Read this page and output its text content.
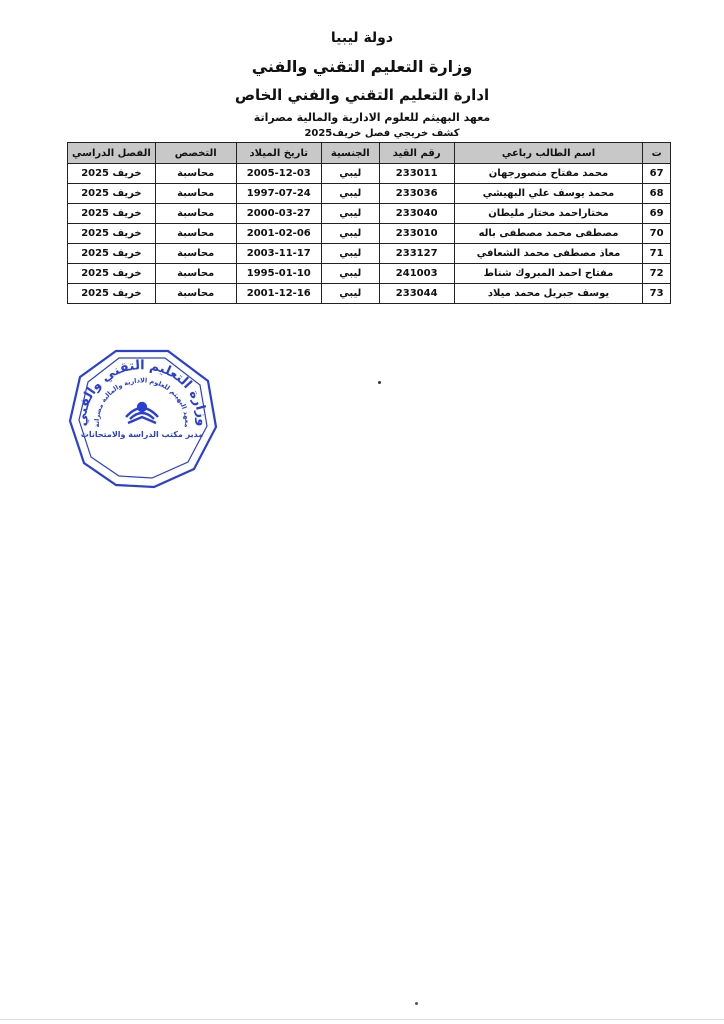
دولة ليبيا
وزارة التعليم التقني والفني
ادارة التعليم التقني والفني الخاص
معهد البهيثم للعلوم الادارية والمالية مصراتة
كشف خريجي فصل خريف2025
ت	اسم الطالب رباعي	رقم القيد	الجنسية	تاريخ الميلاد	التخصص	الفصل الدراسي
67	محمد مفتاح منصورجهان	233011	ليبي	2005-12-03	محاسبة	خريف 2025
68	محمد يوسف علي البهيشي	233036	ليبي	1997-07-24	محاسبة	خريف 2025
69	مختاراحمد مختار مليطان	233040	ليبي	2000-03-27	محاسبة	خريف 2025
70	مصطفى محمد مصطفى باله	233010	ليبي	2001-02-06	محاسبة	خريف 2025
71	معاذ مصطفى محمد الشعافي	233127	ليبي	2003-11-17	محاسبة	خريف 2025
72	مفتاح احمد المبروك شناط	241003	ليبي	1995-01-10	محاسبة	خريف 2025
73	يوسف جبريل محمد ميلاد	233044	ليبي	2001-12-16	محاسبة	خريف 2025
وزارة التعليم التقني والفني
معهد البهيثم للعلوم الادارية والمالية مصراتة
مدير مكتب الدراسة والامتحانات
